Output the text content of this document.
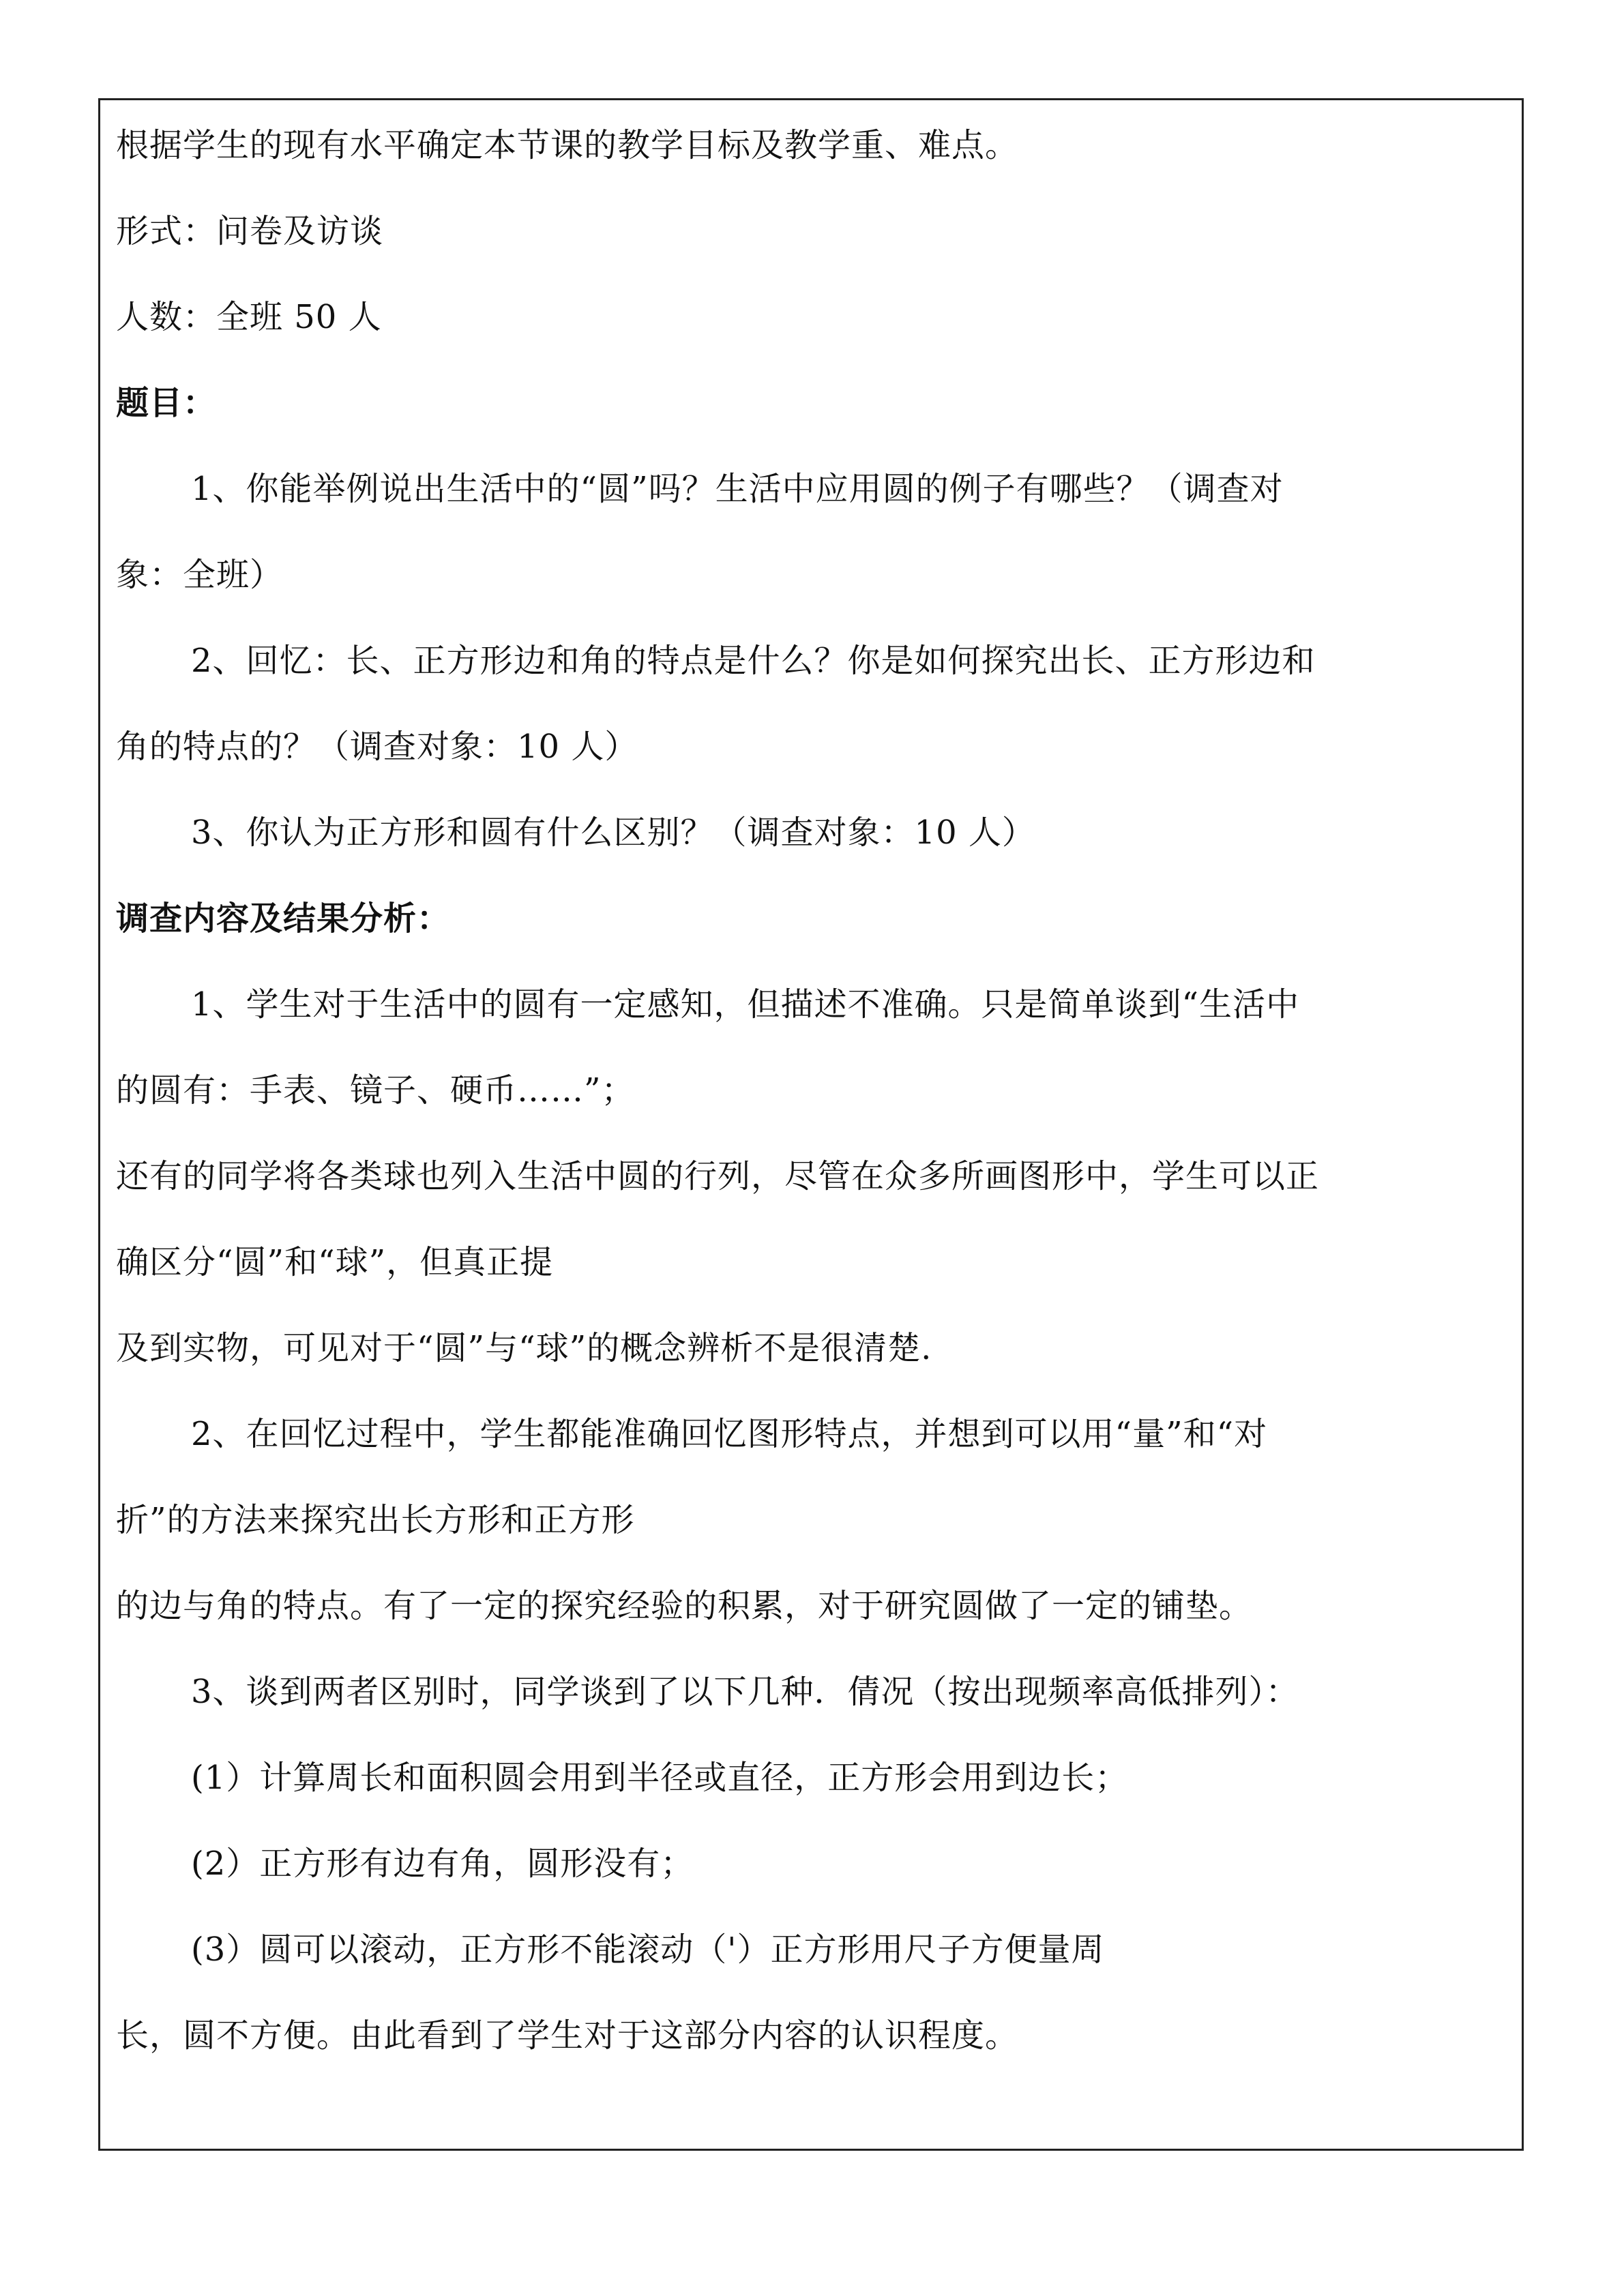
根据学生的现有水平确定本节课的教学目标及教学重、难点。
形式：问卷及访谈
人数：全班 50 人
题目：
1、你能举例说出生活中的“圆”吗？生活中应用圆的例子有哪些？（调查对
象：全班）
2、回忆：长、正方形边和角的特点是什么？你是如何探究出长、正方形边和
角的特点的？（调查对象：10 人）
3、你认为正方形和圆有什么区别？（调查对象：10 人）
调查内容及结果分析：
1、学生对于生活中的圆有一定感知，但描述不准确。只是简单谈到“生活中
的圆有：手表、镜子、硬币……”；
还有的同学将各类球也列入生活中圆的行列，尽管在众多所画图形中，学生可以正
确区分“圆”和“球”，但真正提
及到实物，可见对于“圆”与“球”的概念辨析不是很清楚.
2、在回忆过程中，学生都能准确回忆图形特点，并想到可以用“量”和“对
折”的方法来探究出长方形和正方形
的边与角的特点。有了一定的探究经验的积累，对于研究圆做了一定的铺垫。
3、谈到两者区别时，同学谈到了以下几种．倩况（按出现频率高低排列）：
(1）计算周长和面积圆会用到半径或直径，正方形会用到边长；
(2）正方形有边有角，圆形没有；
(3）圆可以滚动，正方形不能滚动（'）正方形用尺子方便量周
长，圆不方便。由此看到了学生对于这部分内容的认识程度。
